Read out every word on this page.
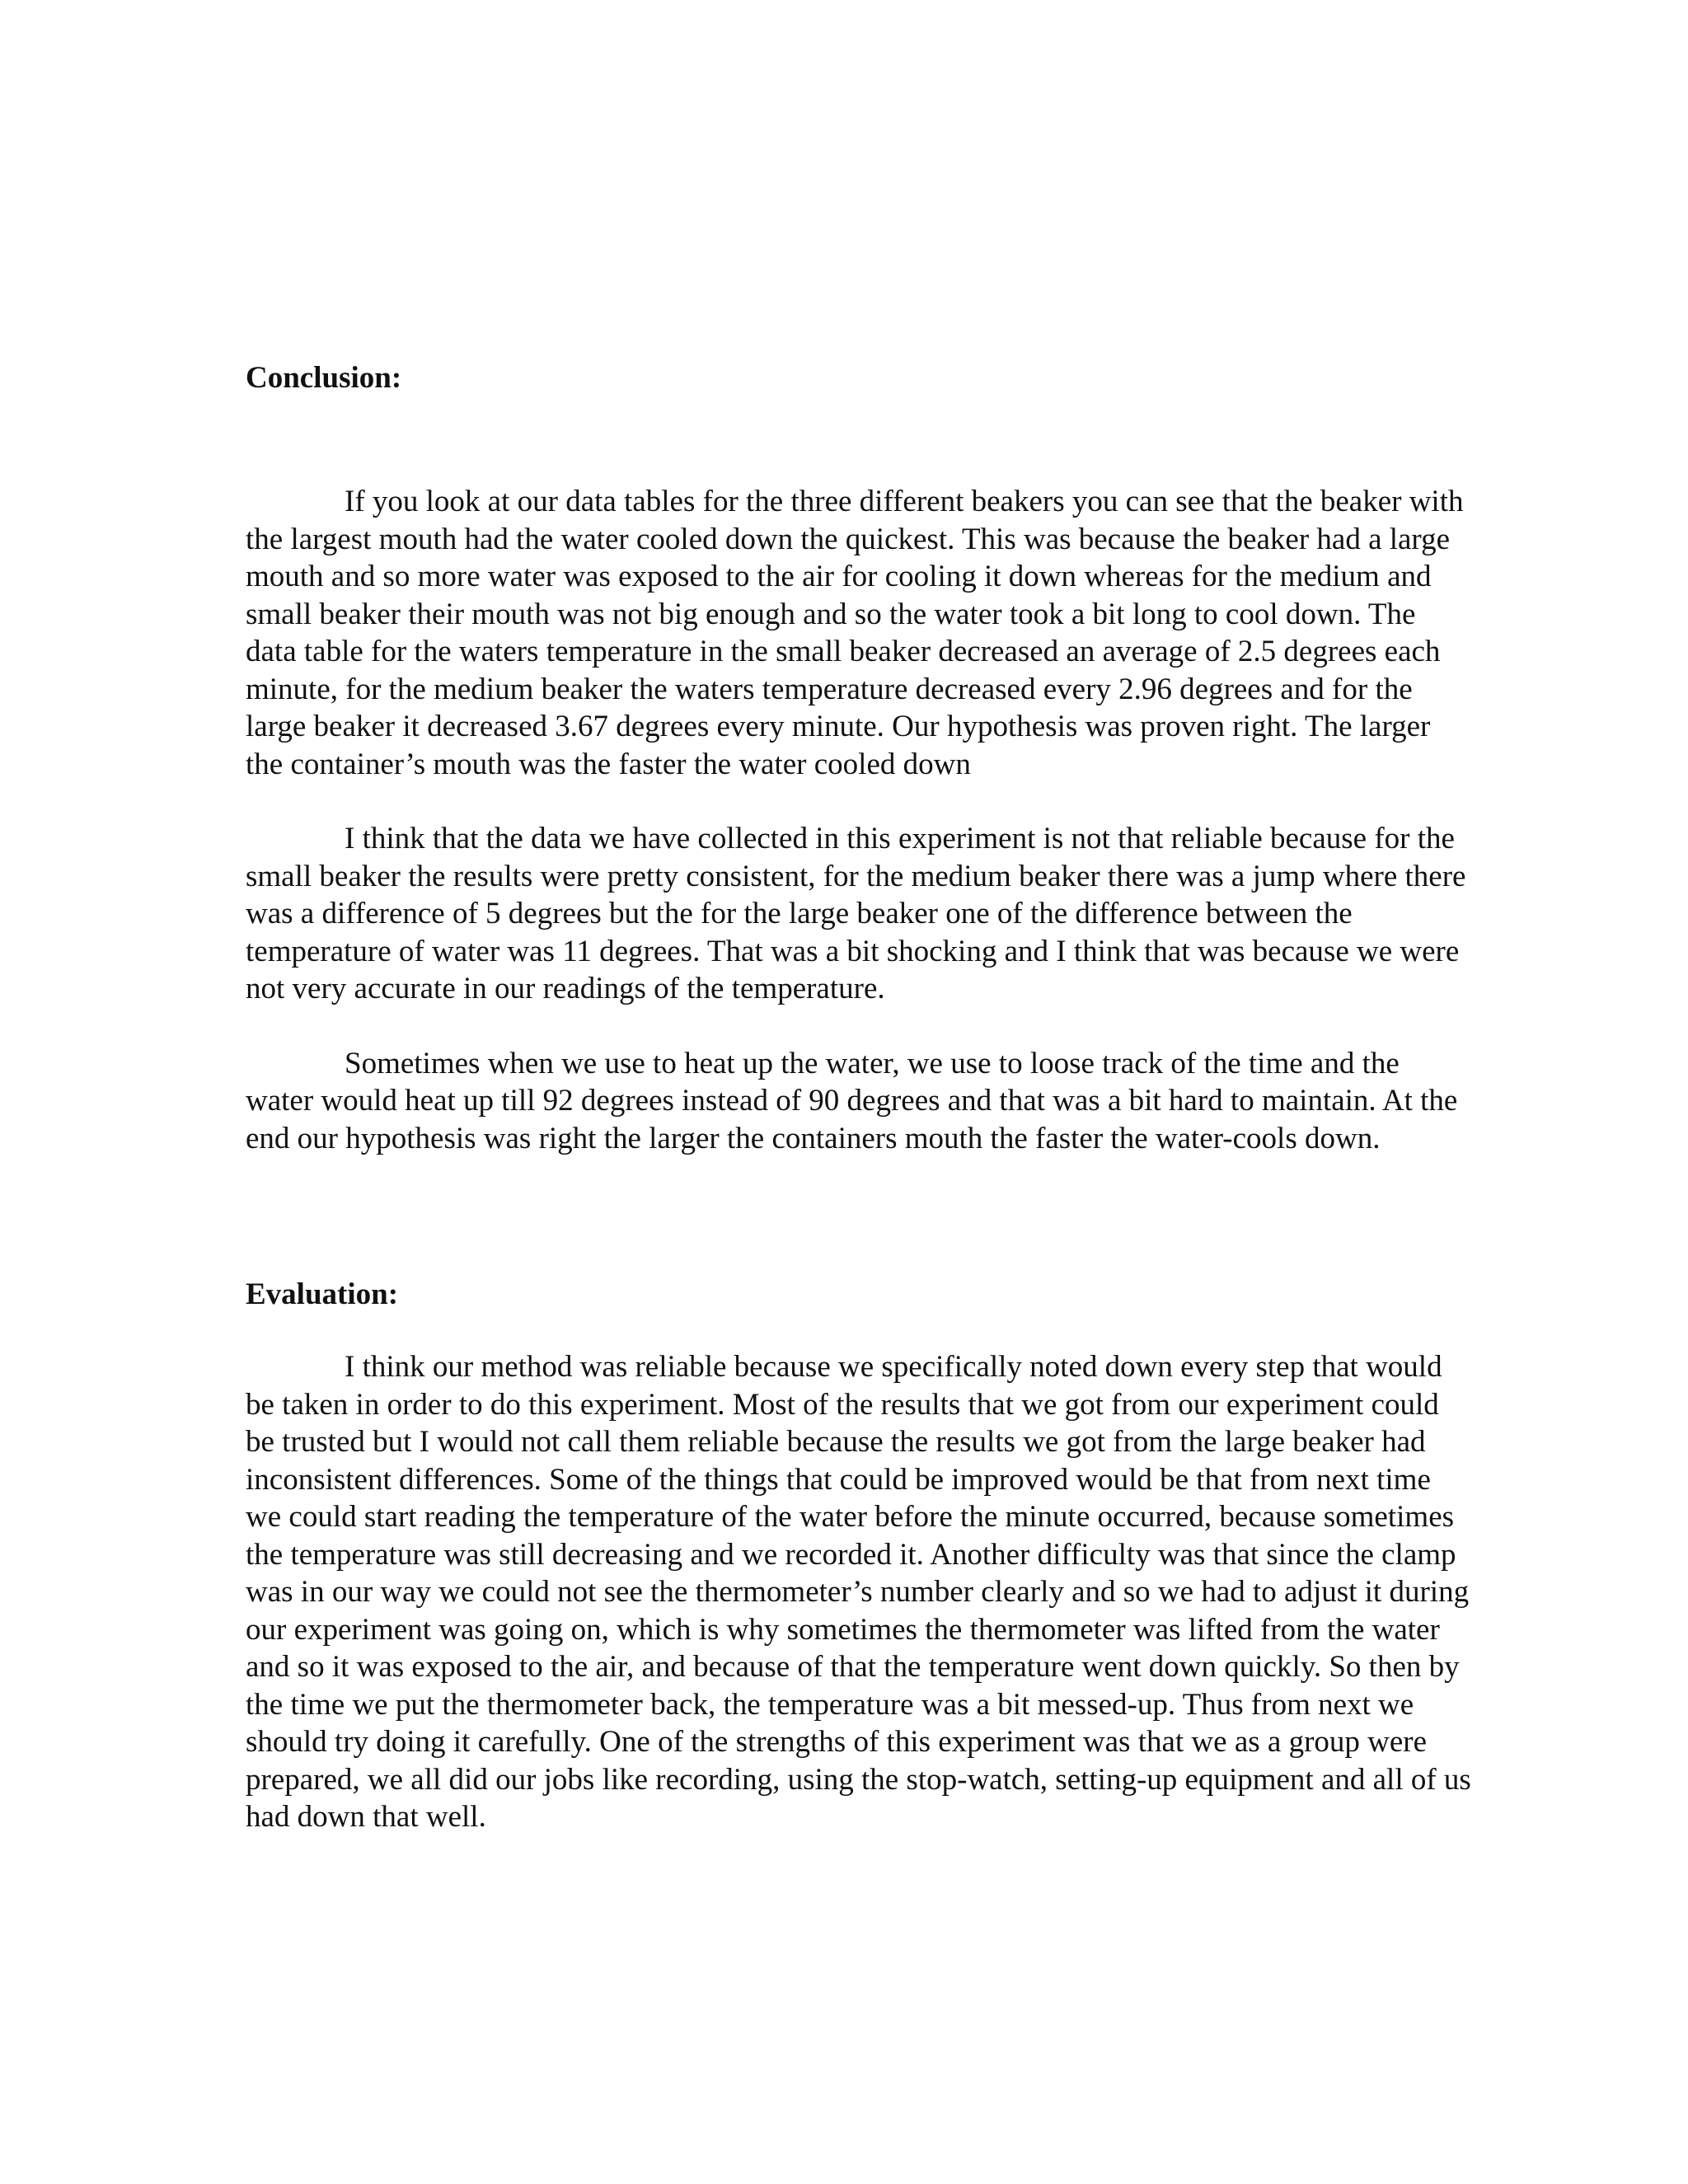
Conclusion:

If you look at our data tables for the three different beakers you can see that the beaker with the largest mouth had the water cooled down the quickest. This was because the beaker had a large mouth and so more water was exposed to the air for cooling it down whereas for the medium and small beaker their mouth was not big enough and so the water took a bit long to cool down. The data table for the waters temperature in the small beaker decreased an average of 2.5 degrees each minute, for the medium beaker the waters temperature decreased every 2.96 degrees and for the large beaker it decreased 3.67 degrees every minute. Our hypothesis was proven right. The larger the container’s mouth was the faster the water cooled down

I think that the data we have collected in this experiment is not that reliable because for the small beaker the results were pretty consistent, for the medium beaker there was a jump where there was a difference of 5 degrees but the for the large beaker one of the difference between the temperature of water was 11 degrees. That was a bit shocking and I think that was because we were not very accurate in our readings of the temperature.

Sometimes when we use to heat up the water, we use to loose track of the time and the water would heat up till 92 degrees instead of 90 degrees and that was a bit hard to maintain. At the end our hypothesis was right the larger the containers mouth the faster the water-cools down.

Evaluation:

I think our method was reliable because we specifically noted down every step that would be taken in order to do this experiment. Most of the results that we got from our experiment could be trusted but I would not call them reliable because the results we got from the large beaker had inconsistent differences. Some of the things that could be improved would be that from next time we could start reading the temperature of the water before the minute occurred, because sometimes the temperature was still decreasing and we recorded it. Another difficulty was that since the clamp was in our way we could not see the thermometer’s number clearly and so we had to adjust it during our experiment was going on, which is why sometimes the thermometer was lifted from the water and so it was exposed to the air, and because of that the temperature went down quickly. So then by the time we put the thermometer back, the temperature was a bit messed-up. Thus from next we should try doing it carefully. One of the strengths of this experiment was that we as a group were prepared, we all did our jobs like recording, using the stop-watch, setting-up equipment and all of us had down that well.
